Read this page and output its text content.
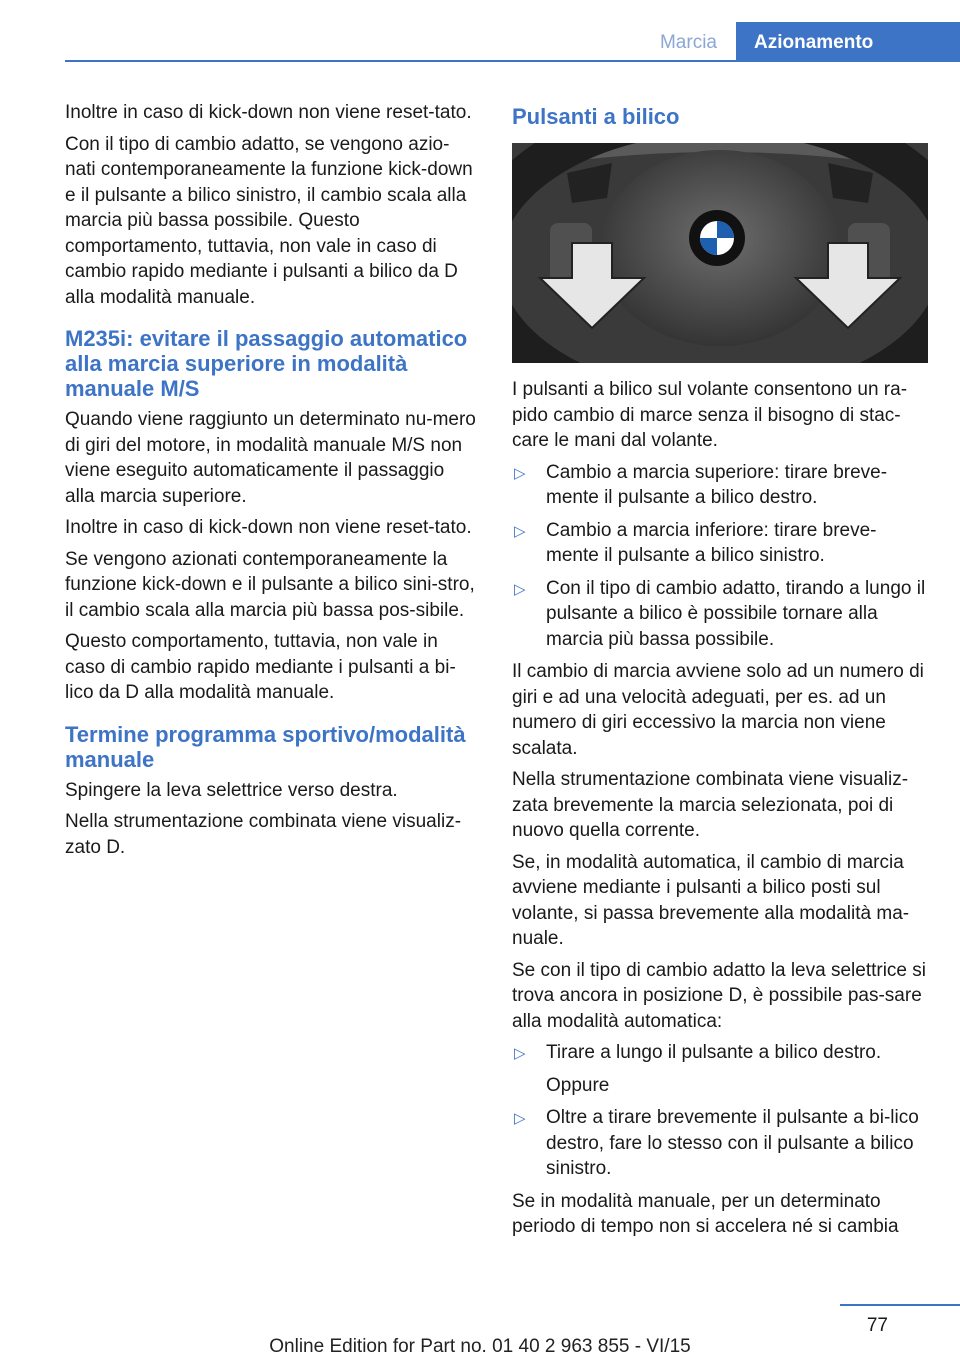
Marcia	Azionamento

Inoltre in caso di kick-down non viene reset-tato.

Con il tipo di cambio adatto, se vengono azio-nati contemporaneamente la funzione kick-down e il pulsante a bilico sinistro, il cambio scala alla marcia più bassa possibile. Questo comportamento, tuttavia, non vale in caso di cambio rapido mediante i pulsanti a bilico da D alla modalità manuale.

M235i: evitare il passaggio automatico alla marcia superiore in modalità manuale M/S

Quando viene raggiunto un determinato nu-mero di giri del motore, in modalità manuale M/S non viene eseguito automaticamente il passaggio alla marcia superiore.

Inoltre in caso di kick-down non viene reset-tato.

Se vengono azionati contemporaneamente la funzione kick-down e il pulsante a bilico sini-stro, il cambio scala alla marcia più bassa pos-sibile.

Questo comportamento, tuttavia, non vale in caso di cambio rapido mediante i pulsanti a bi-lico da D alla modalità manuale.

Termine programma sportivo/modalità manuale

Spingere la leva selettrice verso destra.

Nella strumentazione combinata viene visualiz-zato D.

Pulsanti a bilico

I pulsanti a bilico sul volante consentono un ra-pido cambio di marce senza il bisogno di stac-care le mani dal volante.

▷ Cambio a marcia superiore: tirare breve-mente il pulsante a bilico destro.
▷ Cambio a marcia inferiore: tirare breve-mente il pulsante a bilico sinistro.
▷ Con il tipo di cambio adatto, tirando a lungo il pulsante a bilico è possibile tornare alla marcia più bassa possibile.

Il cambio di marcia avviene solo ad un numero di giri e ad una velocità adeguati, per es. ad un numero di giri eccessivo la marcia non viene scalata.

Nella strumentazione combinata viene visualiz-zata brevemente la marcia selezionata, poi di nuovo quella corrente.

Se, in modalità automatica, il cambio di marcia avviene mediante i pulsanti a bilico posti sul volante, si passa brevemente alla modalità ma-nuale.

Se con il tipo di cambio adatto la leva selettrice si trova ancora in posizione D, è possibile pas-sare alla modalità automatica:

▷ Tirare a lungo il pulsante a bilico destro.
Oppure
▷ Oltre a tirare brevemente il pulsante a bi-lico destro, fare lo stesso con il pulsante a bilico sinistro.

Se in modalità manuale, per un determinato periodo di tempo non si accelera né si cambia

77
Online Edition for Part no. 01 40 2 963 855 - VI/15
